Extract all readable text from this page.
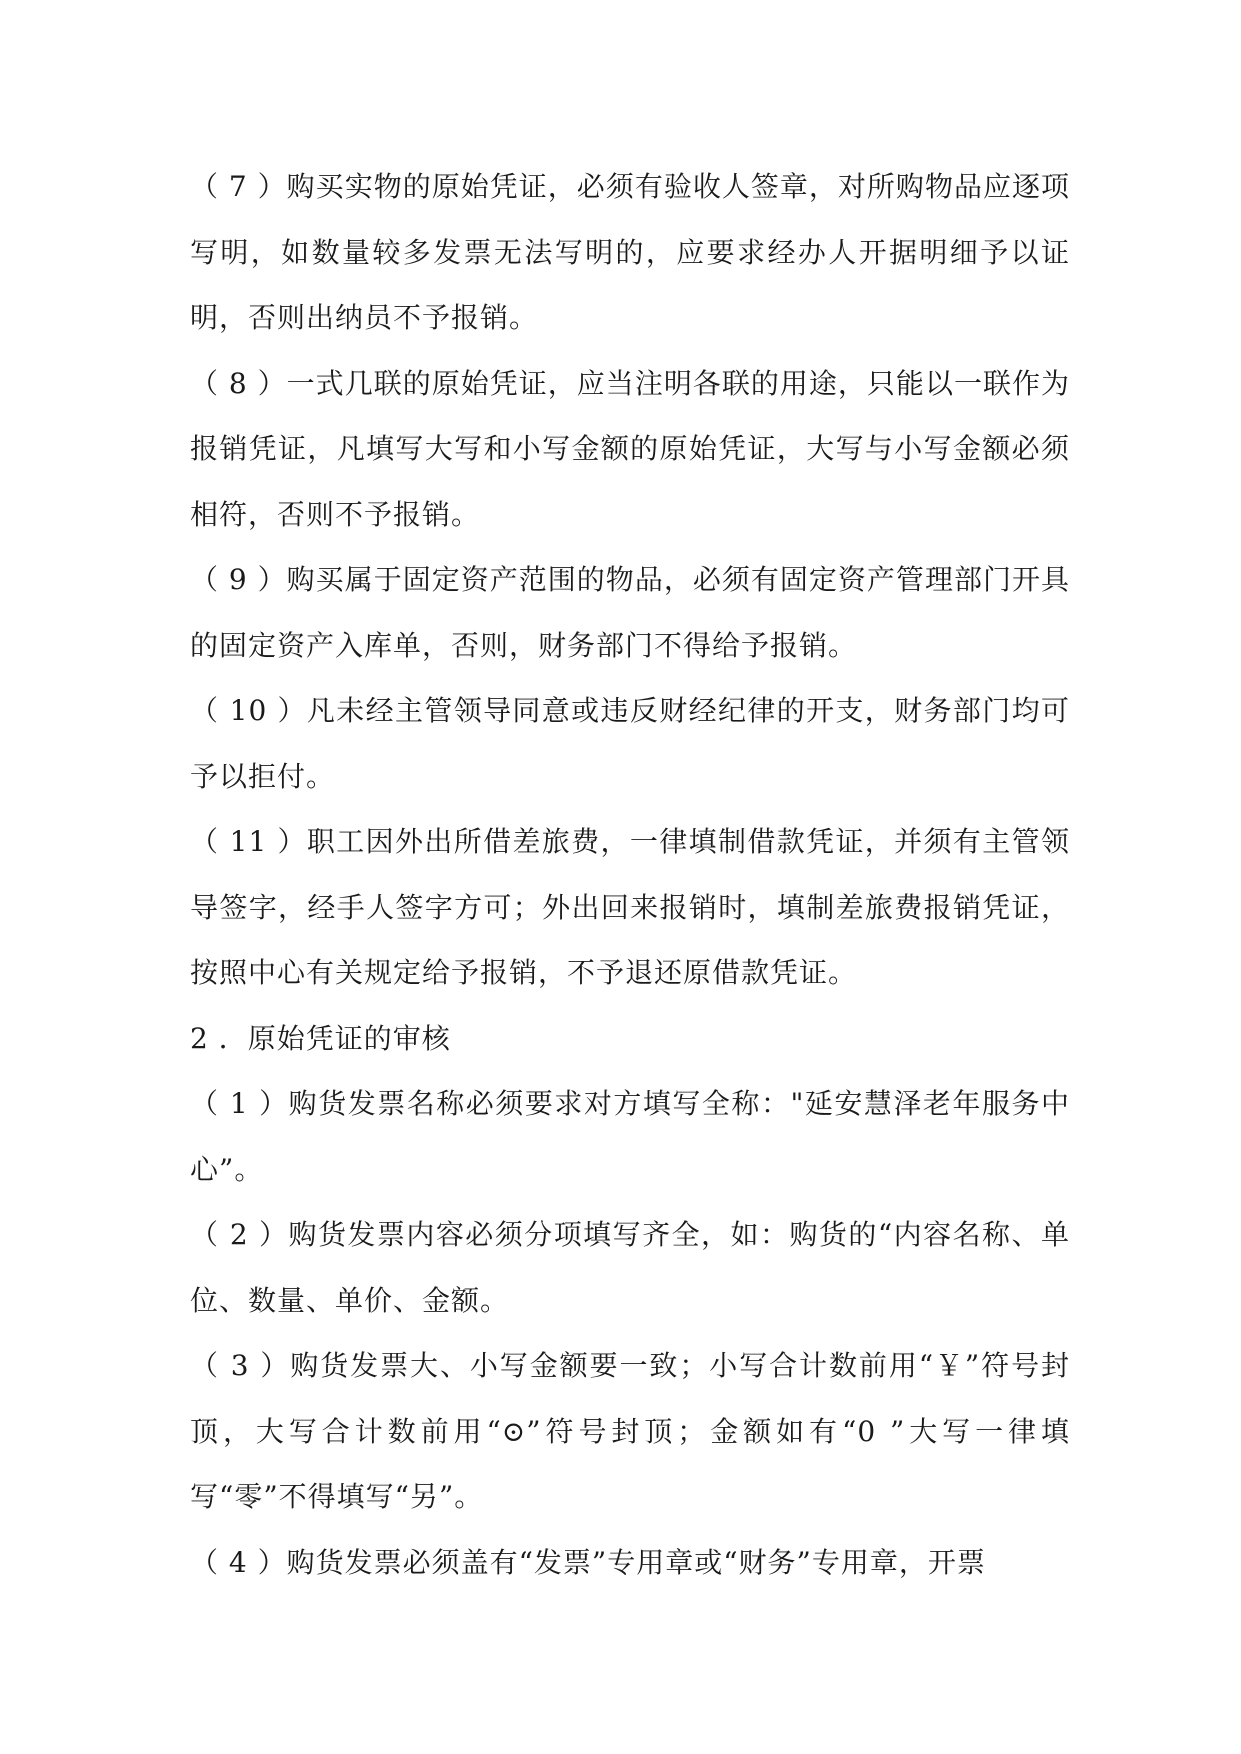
（ 7 ）购买实物的原始凭证，必须有验收人签章，对所购物品应逐项写明，如数量较多发票无法写明的，应要求经办人开据明细予以证明，否则出纳员不予报销。

（ 8 ）一式几联的原始凭证，应当注明各联的用途，只能以一联作为报销凭证，凡填写大写和小写金额的原始凭证，大写与小写金额必须相符，否则不予报销。

（ 9 ）购买属于固定资产范围的物品，必须有固定资产管理部门开具的固定资产入库单，否则，财务部门不得给予报销。

（ 10 ）凡未经主管领导同意或违反财经纪律的开支，财务部门均可予以拒付。

（ 11 ）职工因外出所借差旅费，一律填制借款凭证，并须有主管领导签字，经手人签字方可；外出回来报销时，填制差旅费报销凭证，按照中心有关规定给予报销，不予退还原借款凭证。

2 ．原始凭证的审核

（ 1 ）购货发票名称必须要求对方填写全称："延安慧泽老年服务中心”。

（ 2 ）购货发票内容必须分项填写齐全，如：购货的“内容名称、单位、数量、单价、金额。

（ 3 ）购货发票大、小写金额要一致；小写合计数前用“￥”符号封顶，大写合计数前用“⊙”符号封顶；金额如有“0 ”大写一律填写“零”不得填写“另”。

（ 4 ）购货发票必须盖有“发票”专用章或“财务”专用章，开票
